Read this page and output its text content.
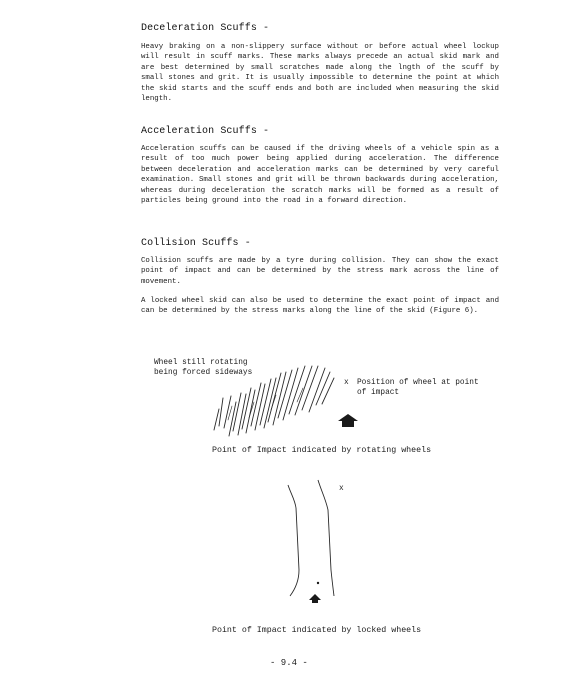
Deceleration Scuffs -

Heavy braking on a non-slippery surface without or before actual wheel lockup will result in scuff marks. These marks always precede an actual skid mark and are best determined by small scratches made along the lngth of the scuff by small stones and grit. It is usually impossible to determine the point at which the skid starts and the scuff ends and both are included when measuring the skid length.

Acceleration Scuffs -

Acceleration scuffs can be caused if the driving wheels of a vehicle spin as a result of too much power being applied during acceleration. The difference between deceleration and acceleration marks can be determined by very careful examination. Small stones and grit will be thrown backwards during acceleration, whereas during deceleration the scratch marks will be formed as a result of particles being ground into the road in a forward direction.

Collision Scuffs -

Collision scuffs are made by a tyre during collision. They can show the exact point of impact and can be determined by the stress mark across the line of movement.

A locked wheel skid can also be used to determine the exact point of impact and can be determined by the stress marks along the line of the skid (Figure 6).

Wheel still rotating being forced sideways
x Position of wheel at point of impact
Point of Impact indicated by rotating wheels
x
Point of Impact indicated by locked wheels
- 9.4 -
